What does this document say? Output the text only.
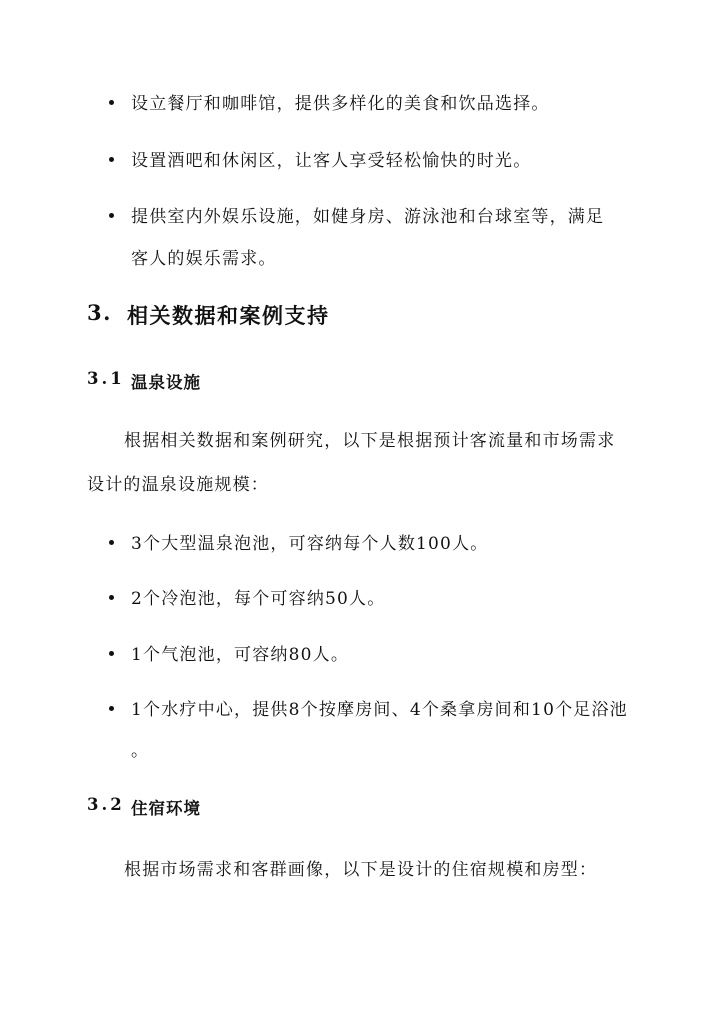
设立餐厅和咖啡馆，提供多样化的美食和饮品选择。
设置酒吧和休闲区，让客人享受轻松愉快的时光。
提供室内外娱乐设施，如健身房、游泳池和台球室等，满足
客人的娱乐需求。
3. 相关数据和案例支持
3.1 温泉设施
根据相关数据和案例研究，以下是根据预计客流量和市场需求
设计的温泉设施规模：
3个大型温泉泡池，可容纳每个人数100人。
2个冷泡池，每个可容纳50人。
1个气泡池，可容纳80人。
1个水疗中心，提供8个按摩房间、4个桑拿房间和10个足浴池
。
3.2 住宿环境
根据市场需求和客群画像，以下是设计的住宿规模和房型：
